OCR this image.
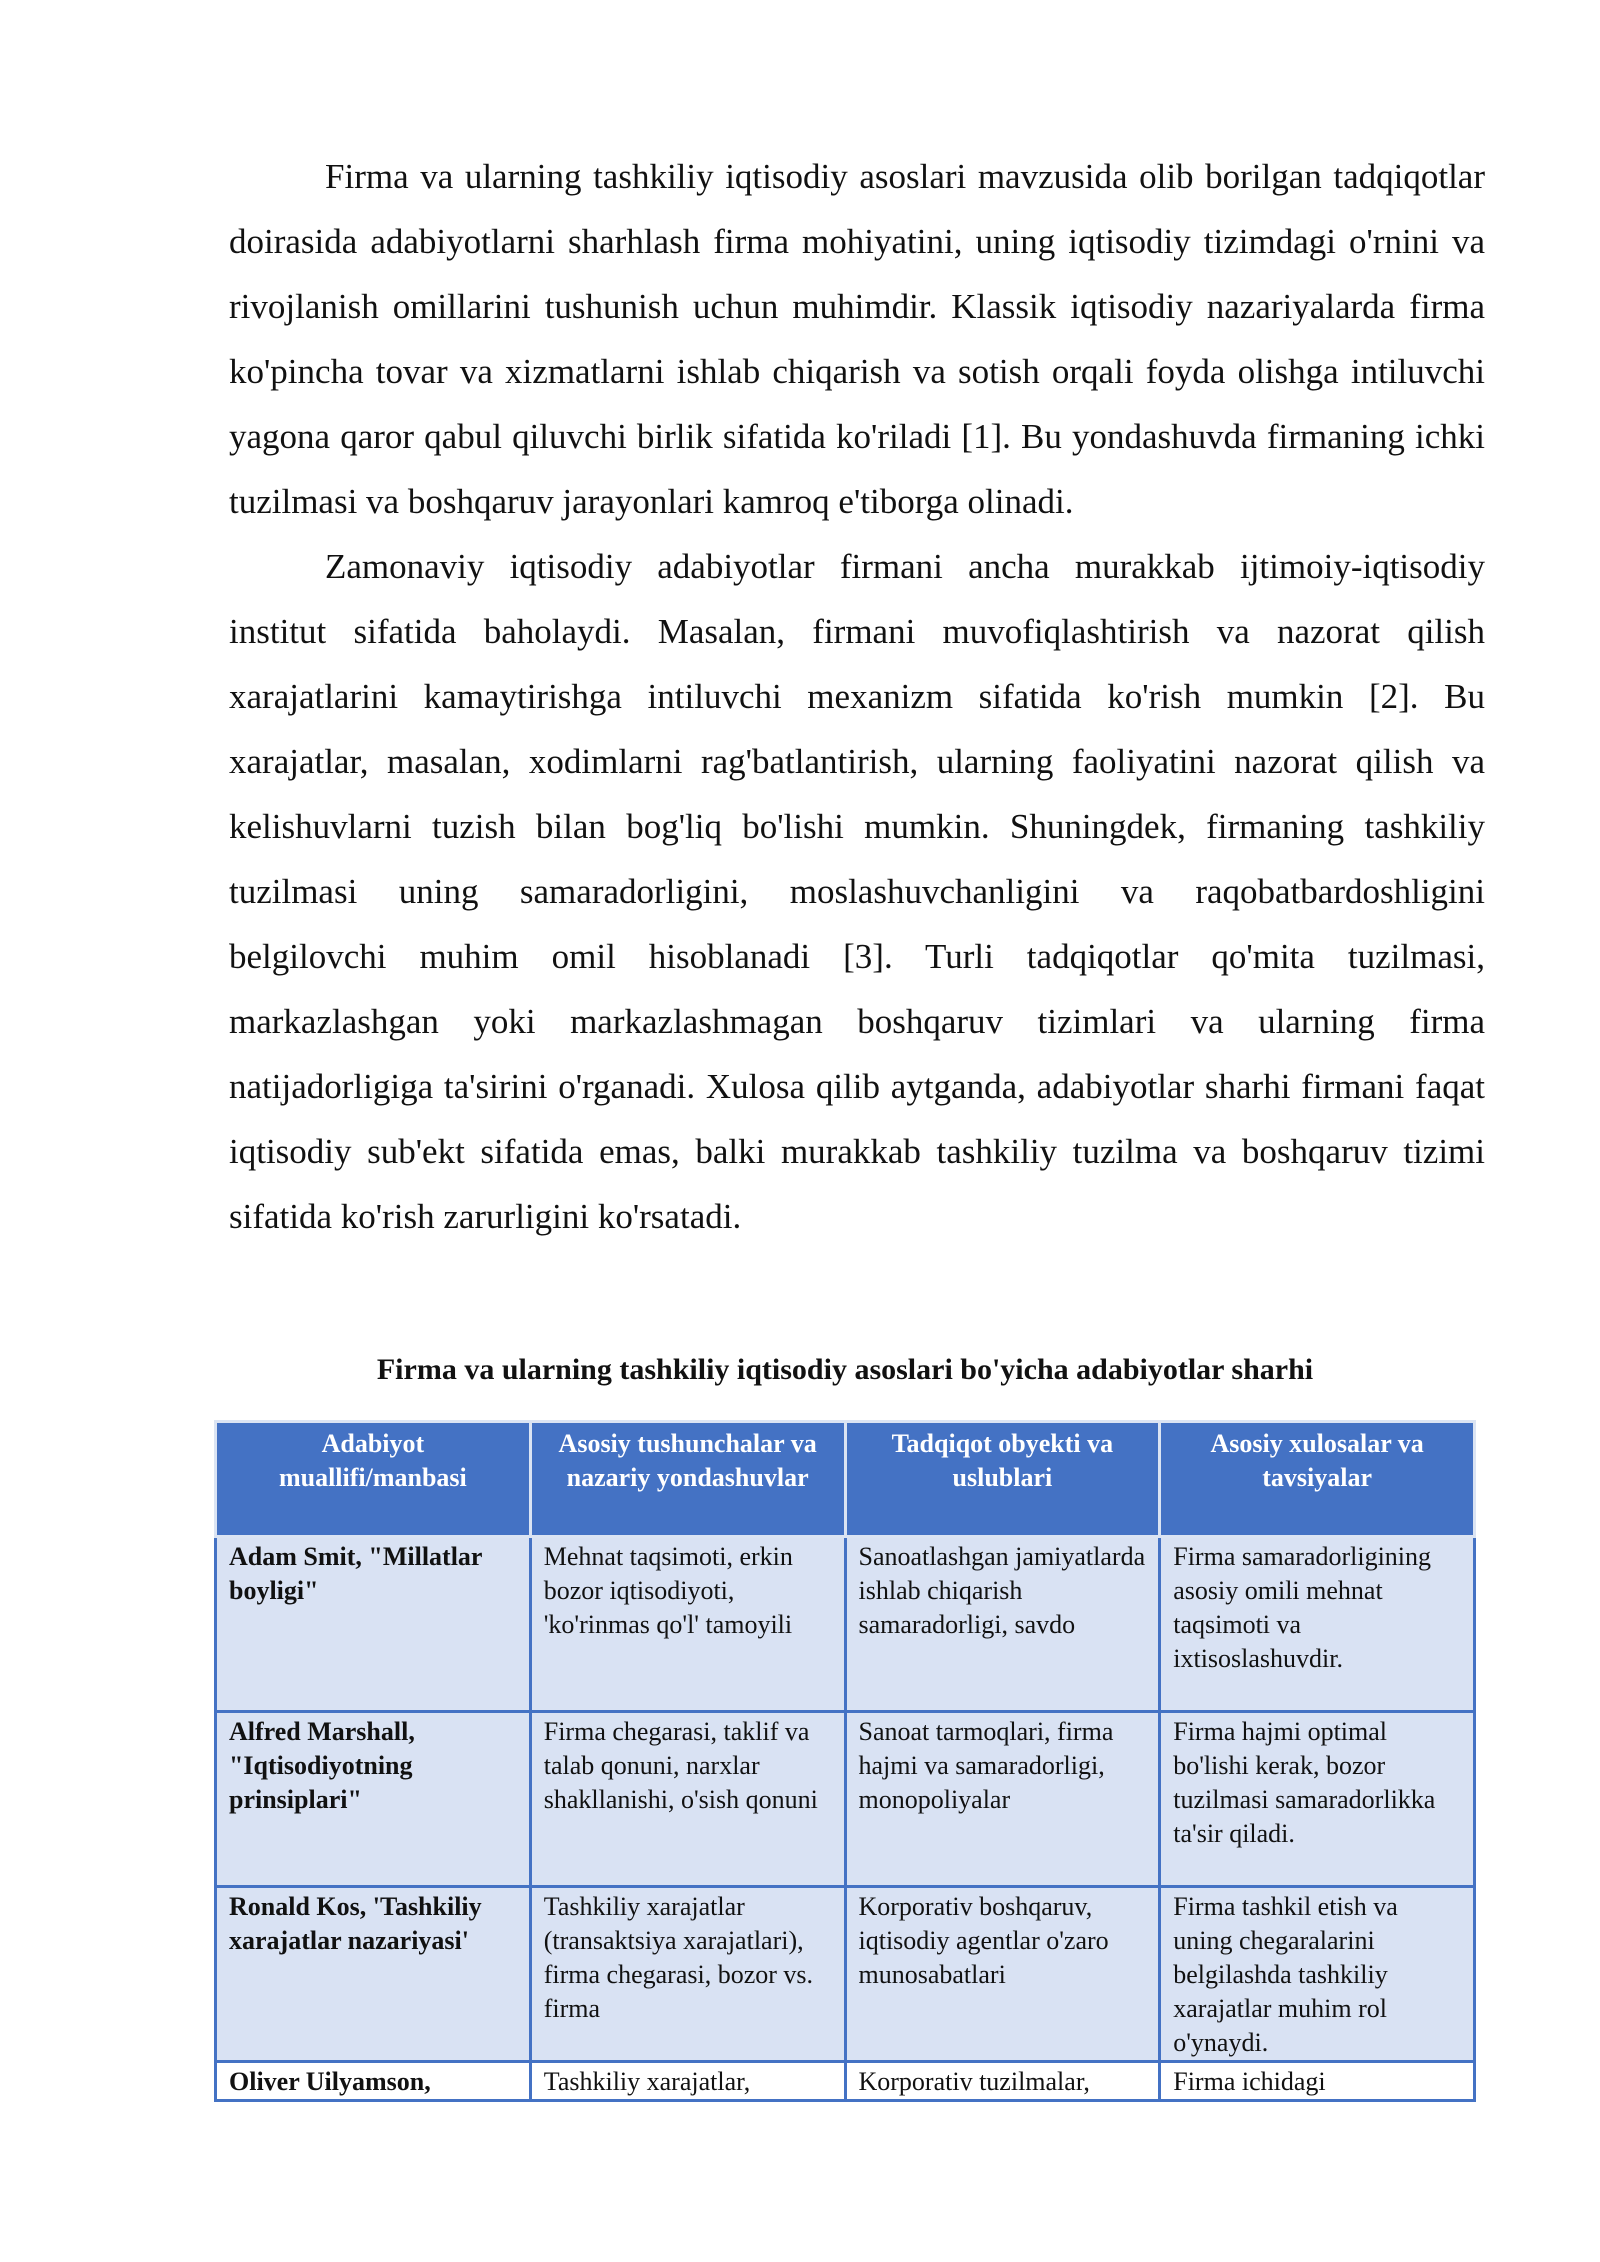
Firma va ularning tashkiliy iqtisodiy asoslari mavzusida olib borilgan tadqiqotlar doirasida adabiyotlarni sharhlash firma mohiyatini, uning iqtisodiy tizimdagi o'rnini va rivojlanish omillarini tushunish uchun muhimdir. Klassik iqtisodiy nazariyalarda firma ko'pincha tovar va xizmatlarni ishlab chiqarish va sotish orqali foyda olishga intiluvchi yagona qaror qabul qiluvchi birlik sifatida ko'riladi [1]. Bu yondashuvda firmaning ichki tuzilmasi va boshqaruv jarayonlari kamroq e'tiborga olinadi.

Zamonaviy iqtisodiy adabiyotlar firmani ancha murakkab ijtimoiy-iqtisodiy institut sifatida baholaydi. Masalan, firmani muvofiqlashtirish va nazorat qilish xarajatlarini kamaytirishga intiluvchi mexanizm sifatida ko'rish mumkin [2]. Bu xarajatlar, masalan, xodimlarni rag'batlantirish, ularning faoliyatini nazorat qilish va kelishuvlarni tuzish bilan bog'liq bo'lishi mumkin. Shuningdek, firmaning tashkiliy tuzilmasi uning samaradorligini, moslashuvchanligini va raqobatbardoshligini belgilovchi muhim omil hisoblanadi [3]. Turli tadqiqotlar qo'mita tuzilmasi, markazlashgan yoki markazlashmagan boshqaruv tizimlari va ularning firma natijadorligiga ta'sirini o'rganadi. Xulosa qilib aytganda, adabiyotlar sharhi firmani faqat iqtisodiy sub'ekt sifatida emas, balki murakkab tashkiliy tuzilma va boshqaruv tizimi sifatida ko'rish zarurligini ko'rsatadi.

Firma va ularning tashkiliy iqtisodiy asoslari bo'yicha adabiyotlar sharhi
Adabiyot muallifi/manbasi	Asosiy tushunchalar va nazariy yondashuvlar	Tadqiqot obyekti va uslublari	Asosiy xulosalar va tavsiyalar
Adam Smit, "Millatlar boyligi"	Mehnat taqsimoti, erkin bozor iqtisodiyoti, 'ko'rinmas qo'l' tamoyili	Sanoatlashgan jamiyatlarda ishlab chiqarish samaradorligi, savdo	Firma samaradorligining asosiy omili mehnat taqsimoti va ixtisoslashuvdir.
Alfred Marshall, "Iqtisodiyotning prinsiplari"	Firma chegarasi, taklif va talab qonuni, narxlar shakllanishi, o'sish qonuni	Sanoat tarmoqlari, firma hajmi va samaradorligi, monopoliyalar	Firma hajmi optimal bo'lishi kerak, bozor tuzilmasi samaradorlikka ta'sir qiladi.
Ronald Kos, 'Tashkiliy xarajatlar nazariyasi'	Tashkiliy xarajatlar (transaktsiya xarajatlari), firma chegarasi, bozor vs. firma	Korporativ boshqaruv, iqtisodiy agentlar o'zaro munosabatlari	Firma tashkil etish va uning chegaralarini belgilashda tashkiliy xarajatlar muhim rol o'ynaydi.
Oliver Uilyamson,	Tashkiliy xarajatlar,	Korporativ tuzilmalar,	Firma ichidagi
